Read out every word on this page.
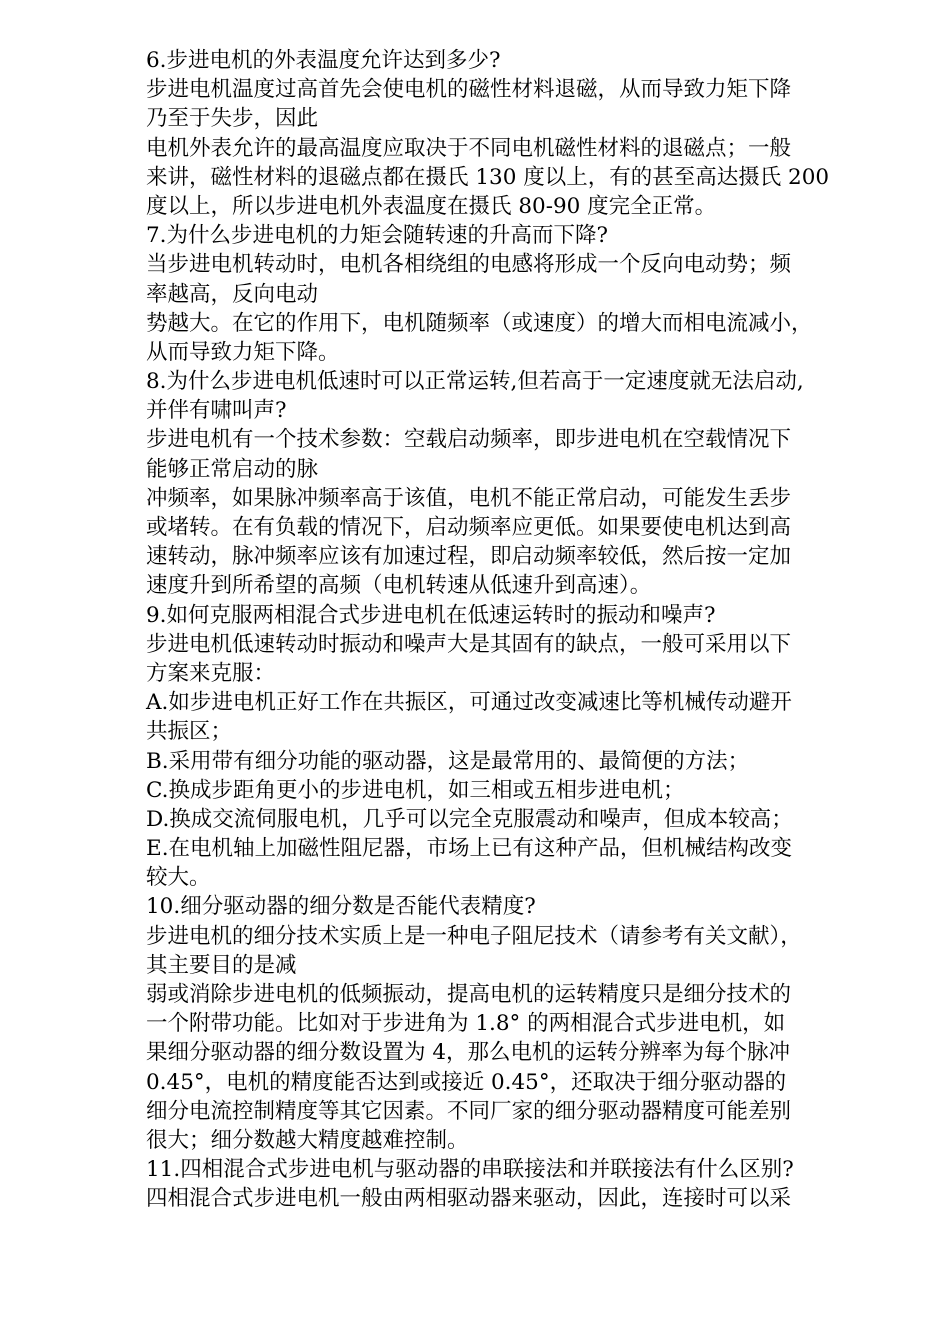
6.步进电机的外表温度允许达到多少?
步进电机温度过高首先会使电机的磁性材料退磁，从而导致力矩下降
乃至于失步，因此
电机外表允许的最高温度应取决于不同电机磁性材料的退磁点；一般
来讲，磁性材料的退磁点都在摄氏 130 度以上，有的甚至高达摄氏 200
度以上，所以步进电机外表温度在摄氏 80-90 度完全正常。
7.为什么步进电机的力矩会随转速的升高而下降?
当步进电机转动时，电机各相绕组的电感将形成一个反向电动势；频
率越高，反向电动
势越大。在它的作用下，电机随频率（或速度）的增大而相电流减小，
从而导致力矩下降。
8.为什么步进电机低速时可以正常运转,但若高于一定速度就无法启动,
并伴有啸叫声?
步进电机有一个技术参数：空载启动频率，即步进电机在空载情况下
能够正常启动的脉
冲频率，如果脉冲频率高于该值，电机不能正常启动，可能发生丢步
或堵转。在有负载的情况下，启动频率应更低。如果要使电机达到高
速转动，脉冲频率应该有加速过程，即启动频率较低，然后按一定加
速度升到所希望的高频（电机转速从低速升到高速）。
9.如何克服两相混合式步进电机在低速运转时的振动和噪声?
步进电机低速转动时振动和噪声大是其固有的缺点，一般可采用以下
方案来克服：
A.如步进电机正好工作在共振区，可通过改变减速比等机械传动避开
共振区；
B.采用带有细分功能的驱动器，这是最常用的、最简便的方法；
C.换成步距角更小的步进电机，如三相或五相步进电机；
D.换成交流伺服电机，几乎可以完全克服震动和噪声，但成本较高；
E.在电机轴上加磁性阻尼器，市场上已有这种产品，但机械结构改变
较大。
10.细分驱动器的细分数是否能代表精度?
步进电机的细分技术实质上是一种电子阻尼技术（请参考有关文献），
其主要目的是减
弱或消除步进电机的低频振动，提高电机的运转精度只是细分技术的
一个附带功能。比如对于步进角为 1.8° 的两相混合式步进电机，如
果细分驱动器的细分数设置为 4，那么电机的运转分辨率为每个脉冲
0.45°，电机的精度能否达到或接近 0.45°，还取决于细分驱动器的
细分电流控制精度等其它因素。不同厂家的细分驱动器精度可能差别
很大；细分数越大精度越难控制。
11.四相混合式步进电机与驱动器的串联接法和并联接法有什么区别?
四相混合式步进电机一般由两相驱动器来驱动，因此，连接时可以采
